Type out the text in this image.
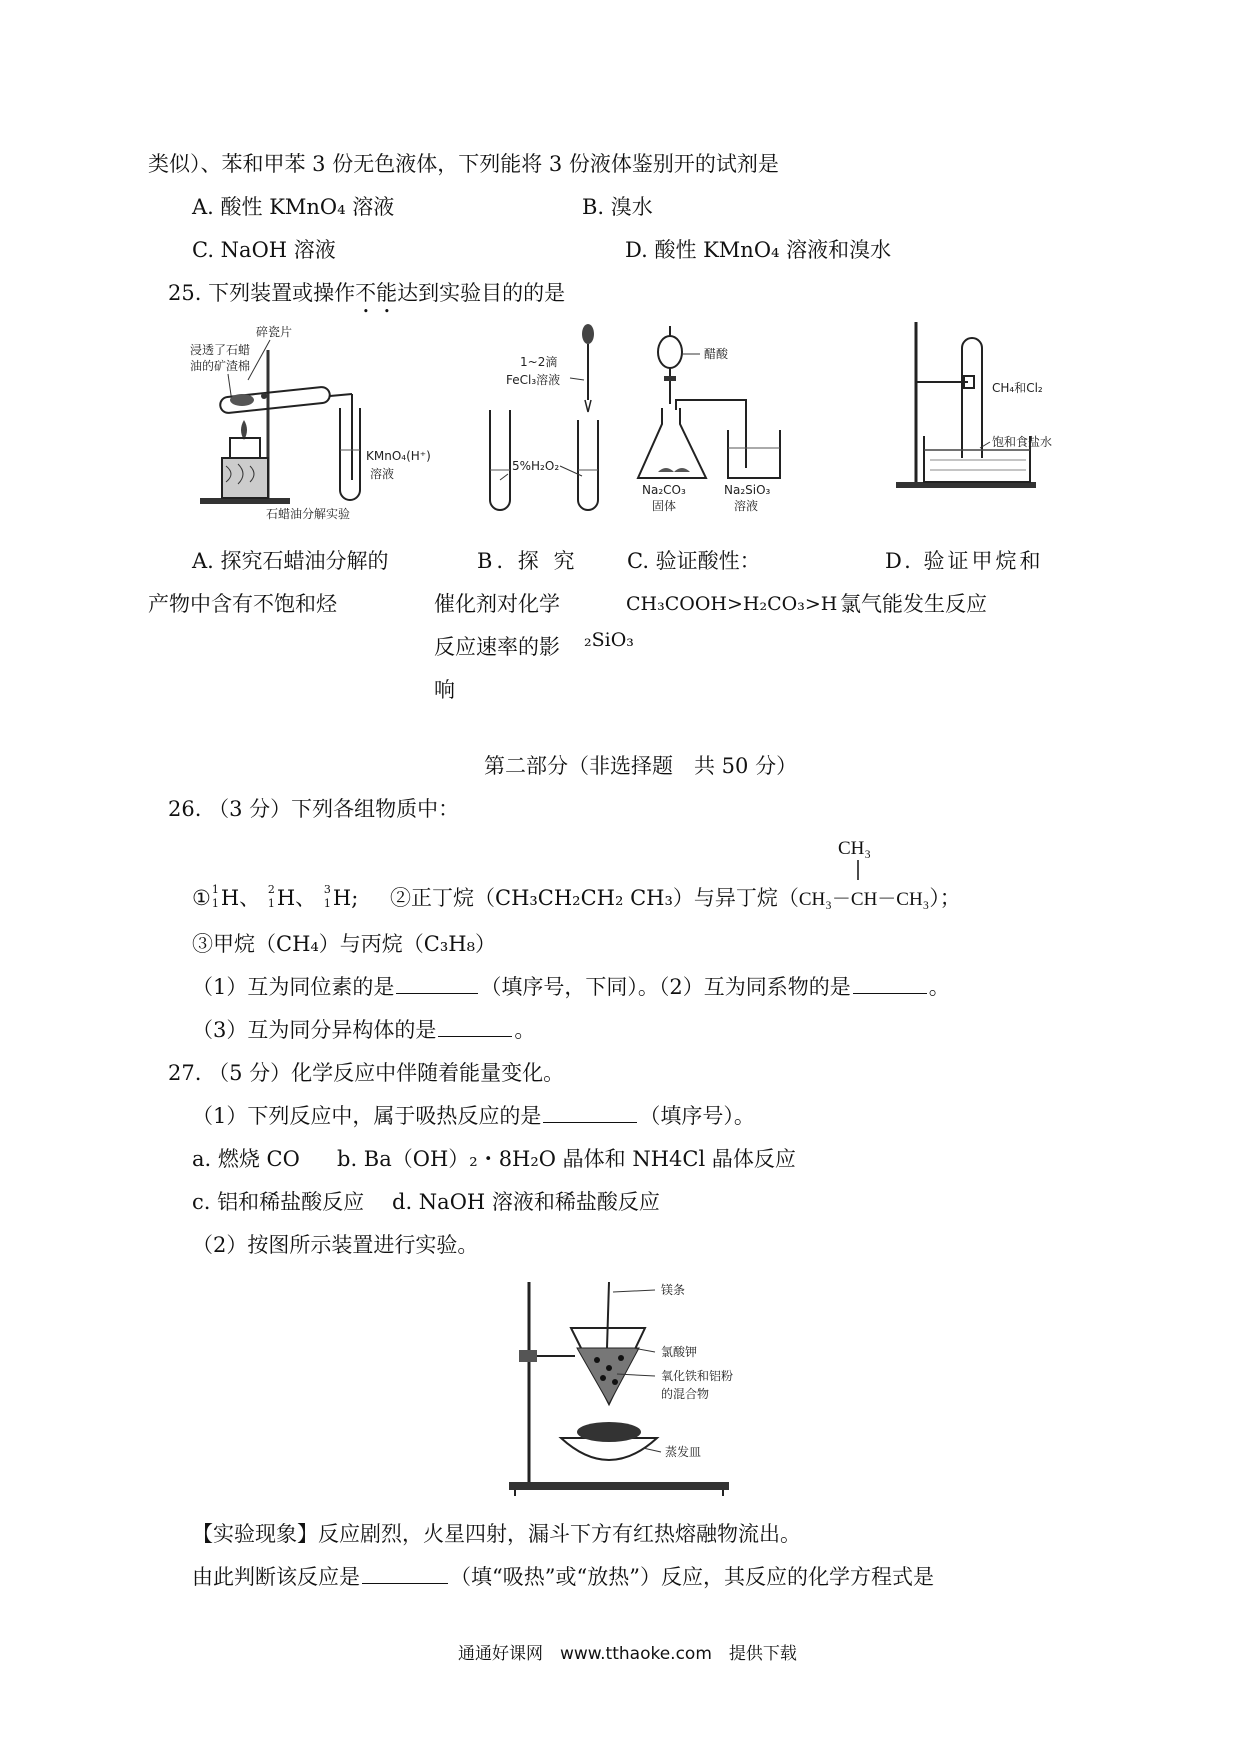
类似）、苯和甲苯 3 份无色液体，下列能将 3 份液体鉴别开的试剂是
A. 酸性 KMnO₄ 溶液	B. 溴水
C. NaOH 溶液	D. 酸性 KMnO₄ 溶液和溴水
25. 下列装置或操作不能达到实验目的的是
碎瓷片
浸透了石蜡
油的矿渣棉
KMnO₄(H⁺)
溶液
石蜡油分解实验
1~2滴
FeCl₃溶液
5%H₂O₂
醋酸
Na₂CO₃
固体
Na₂SiO₃
溶液
CH₄和Cl₂
饱和食盐水
A. 探究石蜡油分解的
产物中含有不饱和烃
B. 探 究
催化剂对化学
反应速率的影
响
C. 验证酸性：
CH₃COOH>H₂CO₃>H
₂SiO₃
D. 验证甲烷和
氯气能发生反应
第二部分（非选择题　共 50 分）
26. （3 分）下列各组物质中：
CH₃
① 1
1 H、 2
1 H、 3
1 H; ②正丁烷（CH₃CH₂CH₂ CH₃）与异丁烷（CH₃－CH－CH₃）；
③甲烷（CH₄）与丙烷（C₃H₈）
（1）互为同位素的是	（填序号，下同）。（2）互为同系物的是	。
（3）互为同分异构体的是	。
27. （5 分）化学反应中伴随着能量变化。
（1）下列反应中，属于吸热反应的是	（填序号）。
a. 燃烧 CO b. Ba（OH）₂・8H₂O 晶体和 NH4Cl 晶体反应
c. 铝和稀盐酸反应 d. NaOH 溶液和稀盐酸反应
（2）按图所示装置进行实验。
镁条
氯酸钾
氧化铁和铝粉
的混合物
蒸发皿
【实验现象】反应剧烈，火星四射，漏斗下方有红热熔融物流出。
由此判断该反应是	（填“吸热”或“放热”）反应，其反应的化学方程式是
通通好课网　www.tthaoke.com　提供下载
